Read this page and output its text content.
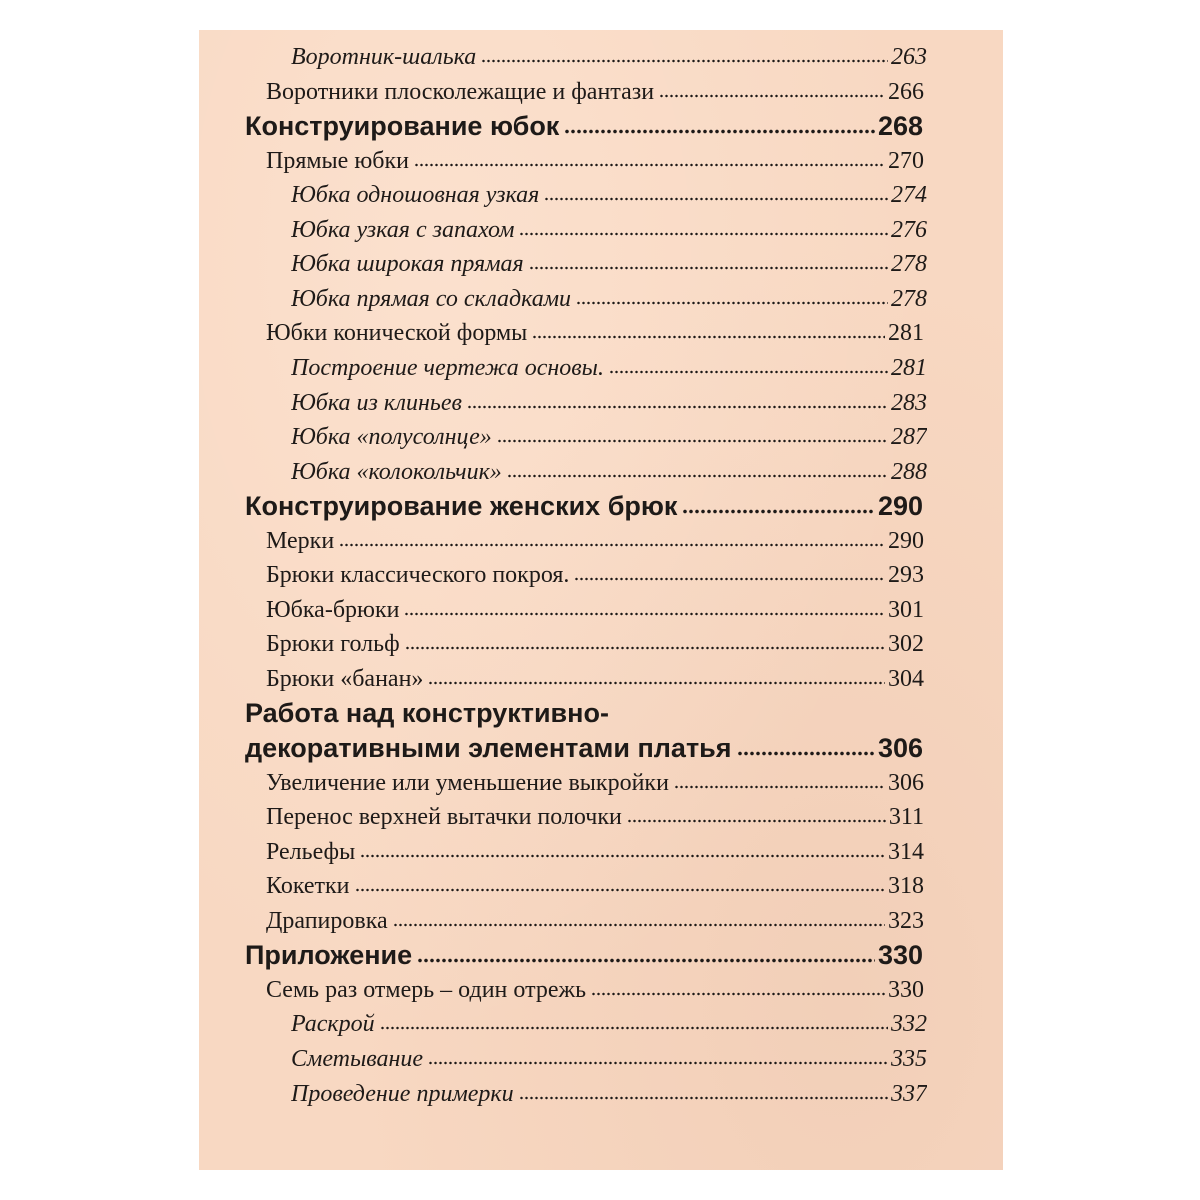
Воротник-шалька	263
Воротники плосколежащие и фантази	266
Конструирование юбок	268
Прямые юбки	270
Юбка одношовная узкая	274
Юбка узкая с запахом	276
Юбка широкая прямая	278
Юбка прямая со складками	278
Юбки конической формы	281
Построение чертежа основы.	281
Юбка из клиньев	283
Юбка «полусолнце»	287
Юбка «колокольчик»	288
Конструирование женских брюк	290
Мерки	290
Брюки классического покроя.	293
Юбка-брюки	301
Брюки гольф	302
Брюки «банан»	304
Работа над конструктивно-
декоративными элементами платья	306
Увеличение или уменьшение выкройки	306
Перенос верхней вытачки полочки	311
Рельефы	314
Кокетки	318
Драпировка	323
Приложение	330
Семь раз отмерь – один отрежь	330
Раскрой	332
Сметывание	335
Проведение примерки	337
